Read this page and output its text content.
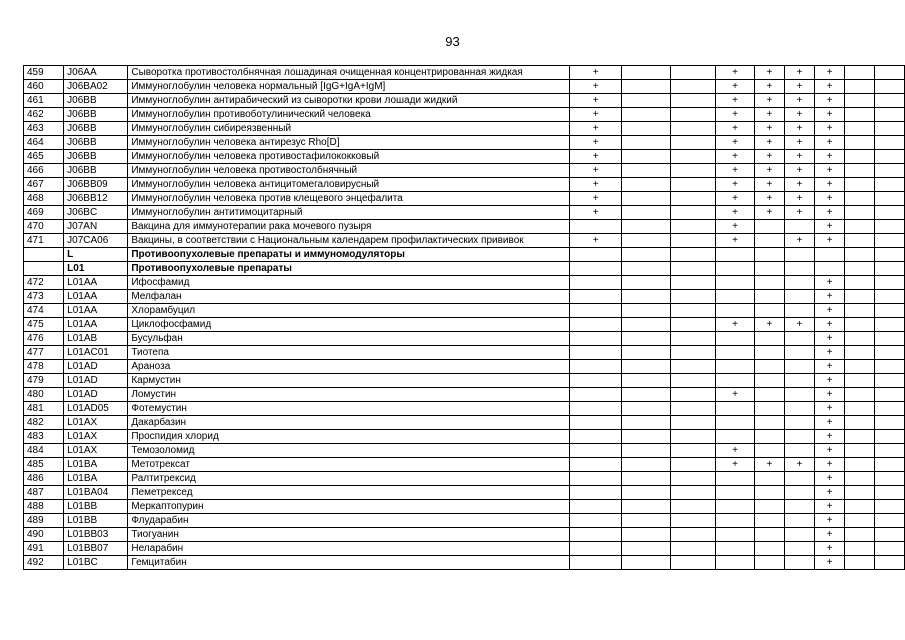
93
459	J06AA	Сыворотка противостолбнячная лошадиная очищенная концентрированная жидкая	+			+	+	+	+		
460	J06BA02	Иммуноглобулин человека нормальный [IgG+IgA+IgM]	+			+	+	+	+		
461	J06BB	Иммуноглобулин антирабический из сыворотки крови лошади жидкий	+			+	+	+	+		
462	J06BB	Иммуноглобулин противоботулинический человека	+			+	+	+	+		
463	J06BB	Иммуноглобулин сибиреязвенный	+			+	+	+	+		
464	J06BB	Иммуноглобулин человека антирезус Rho[D]	+			+	+	+	+		
465	J06BB	Иммуноглобулин человека противостафилококковый	+			+	+	+	+		
466	J06BB	Иммуноглобулин человека противостолбнячный	+			+	+	+	+		
467	J06BB09	Иммуноглобулин человека антицитомегаловирусный	+			+	+	+	+		
468	J06BB12	Иммуноглобулин человека против клещевого энцефалита	+			+	+	+	+		
469	J06BC	Иммуноглобулин антитимоцитарный	+			+	+	+	+		
470	J07AN	Вакцина для иммунотерапии рака мочевого пузыря				+			+		
471	J07CA06	Вакцины, в соответствии с Национальным календарем профилактических прививок	+			+		+	+		
	L	Противоопухолевые препараты и иммуномодуляторы									
	L01	Противоопухолевые препараты									
472	L01AA	Ифосфамид							+		
473	L01AA	Мелфалан							+		
474	L01AA	Хлорамбуцил							+		
475	L01AA	Циклофосфамид				+	+	+	+		
476	L01AB	Бусульфан							+		
477	L01AC01	Тиотепа							+		
478	L01AD	Араноза							+		
479	L01AD	Кармустин							+		
480	L01AD	Ломустин				+			+		
481	L01AD05	Фотемустин							+		
482	L01AX	Дакарбазин							+		
483	L01AX	Проспидия хлорид							+		
484	L01AX	Темозоломид				+			+		
485	L01BA	Метотрексат				+	+	+	+		
486	L01BA	Ралтитрексид							+		
487	L01BA04	Пеметрексед							+		
488	L01BB	Меркаптопурин							+		
489	L01BB	Флударабин							+		
490	L01BB03	Тиогуанин							+		
491	L01BB07	Неларабин							+		
492	L01BC	Гемцитабин							+		
